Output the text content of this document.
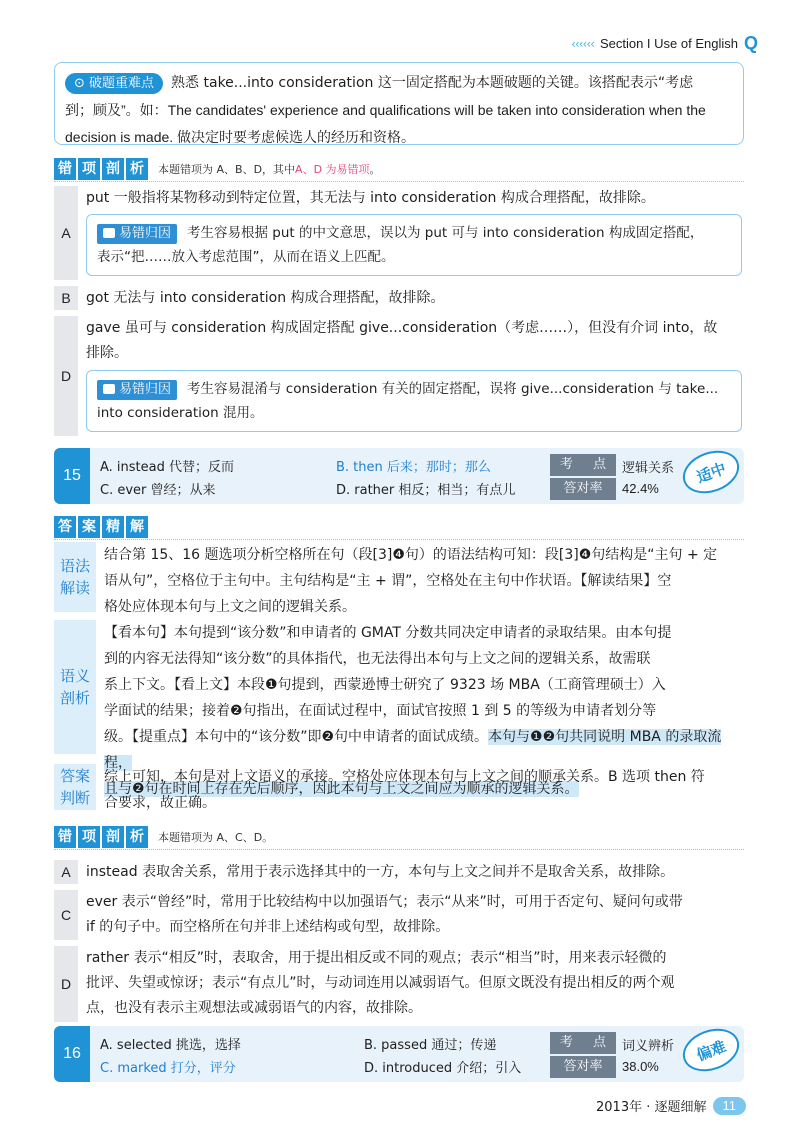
‹‹‹‹‹‹ Section I Use of English Q
⊙ 破题重难点 熟悉 take...into consideration 这一固定搭配为本题破题的关键。该搭配表示“考虑
到；顾及”。如：The candidates' experience and qualifications will be taken into consideration when the
decision is made. 做决定时要考虑候选人的经历和资格。
错 项 剖 析	本题错项为 A、B、D，其中A、D 为易错项。
A
put 一般指将某物移动到特定位置，其无法与 into consideration 构成合理搭配，故排除。
易错归因 考生容易根据 put 的中文意思，误以为 put 可与 into consideration 构成固定搭配，
表示“把……放入考虑范围”，从而在语义上匹配。
B	got 无法与 into consideration 构成合理搭配，故排除。
D
gave 虽可与 consideration 构成固定搭配 give...consideration（考虑……），但没有介词 into，故
排除。
易错归因 考生容易混淆与 consideration 有关的固定搭配，误将 give...consideration 与 take...
into consideration 混用。
15	A. instead 代替；反而	B. then 后来；那时；那么
C. ever 曾经；从来	D. rather 相反；相当；有点儿
考 点 逻辑关系
答对率	42.4%
适中
答 案 精 解
语法
解读
结合第 15、16 题选项分析空格所在句（段[3]❹句）的语法结构可知：段[3]❹句结构是“主句 + 定
语从句”，空格位于主句中。主句结构是“主 + 谓”，空格处在主句中作状语。【解读结果】空
格处应体现本句与上文之间的逻辑关系。
语义
剖析
【看本句】本句提到“该分数”和申请者的 GMAT 分数共同决定申请者的录取结果。由本句提
到的内容无法得知“该分数”的具体指代，也无法得出本句与上文之间的逻辑关系，故需联
系上下文。【看上文】本段❶句提到，西蒙逊博士研究了 9323 场 MBA（工商管理硕士）入
学面试的结果；接着❷句指出，在面试过程中，面试官按照 1 到 5 的等级为申请者划分等
级。【提重点】本句中的“该分数”即❷句中申请者的面试成绩。本句与❶❷句共同说明 MBA 的录取流程，
且与❷句在时间上存在先后顺序，因此本句与上文之间应为顺承的逻辑关系。
答案
判断
综上可知，本句是对上文语义的承接。空格处应体现本句与上文之间的顺承关系。B 选项 then 符
合要求，故正确。
错 项 剖 析	本题错项为 A、C、D。
A	instead 表取舍关系，常用于表示选择其中的一方，本句与上文之间并不是取舍关系，故排除。
C
ever 表示“曾经”时，常用于比较结构中以加强语气；表示“从来”时，可用于否定句、疑问句或带
if 的句子中。而空格所在句并非上述结构或句型，故排除。
D
rather 表示“相反”时，表取舍，用于提出相反或不同的观点；表示“相当”时，用来表示轻微的
批评、失望或惊讶；表示“有点儿”时，与动词连用以减弱语气。但原文既没有提出相反的两个观
点，也没有表示主观想法或减弱语气的内容，故排除。
16	A. selected 挑选，选择	B. passed 通过；传递
C. marked 打分，评分	D. introduced 介绍；引入
考 点 词义辨析
答对率	38.0%
偏难
2013年 · 逐题细解	11
